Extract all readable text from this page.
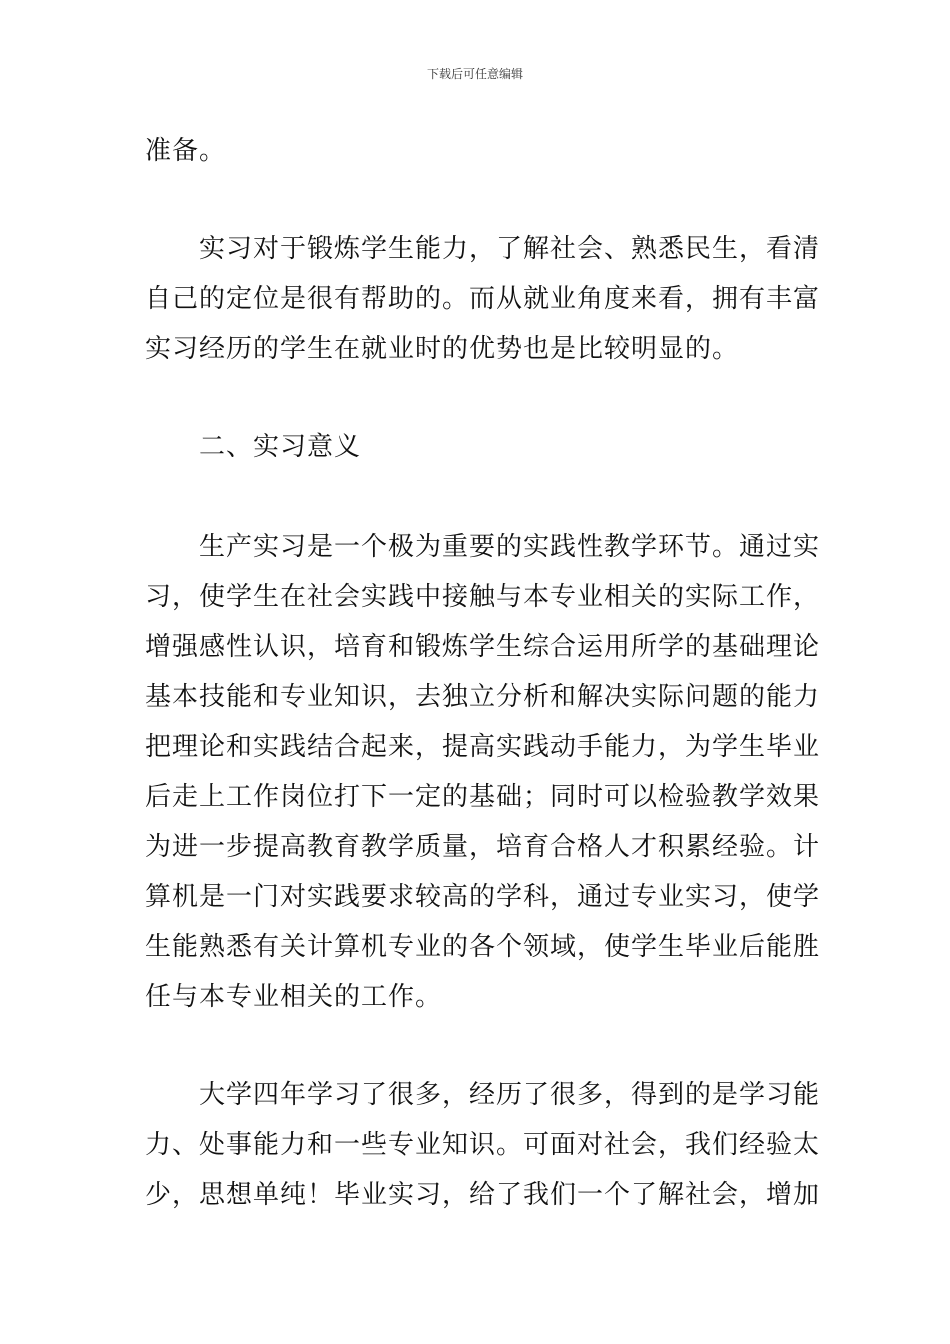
下载后可任意编辑
准备。
实习对于锻炼学生能力，了解社会、熟悉民生，看清
自己的定位是很有帮助的。而从就业角度来看，拥有丰富
实习经历的学生在就业时的优势也是比较明显的。
二、实习意义
生产实习是一个极为重要的实践性教学环节。通过实
习，使学生在社会实践中接触与本专业相关的实际工作，
增强感性认识，培育和锻炼学生综合运用所学的基础理论
基本技能和专业知识，去独立分析和解决实际问题的能力
把理论和实践结合起来，提高实践动手能力，为学生毕业
后走上工作岗位打下一定的基础；同时可以检验教学效果
为进一步提高教育教学质量，培育合格人才积累经验。计
算机是一门对实践要求较高的学科，通过专业实习，使学
生能熟悉有关计算机专业的各个领域，使学生毕业后能胜
任与本专业相关的工作。
大学四年学习了很多，经历了很多，得到的是学习能
力、处事能力和一些专业知识。可面对社会，我们经验太
少，思想单纯！毕业实习，给了我们一个了解社会，增加
